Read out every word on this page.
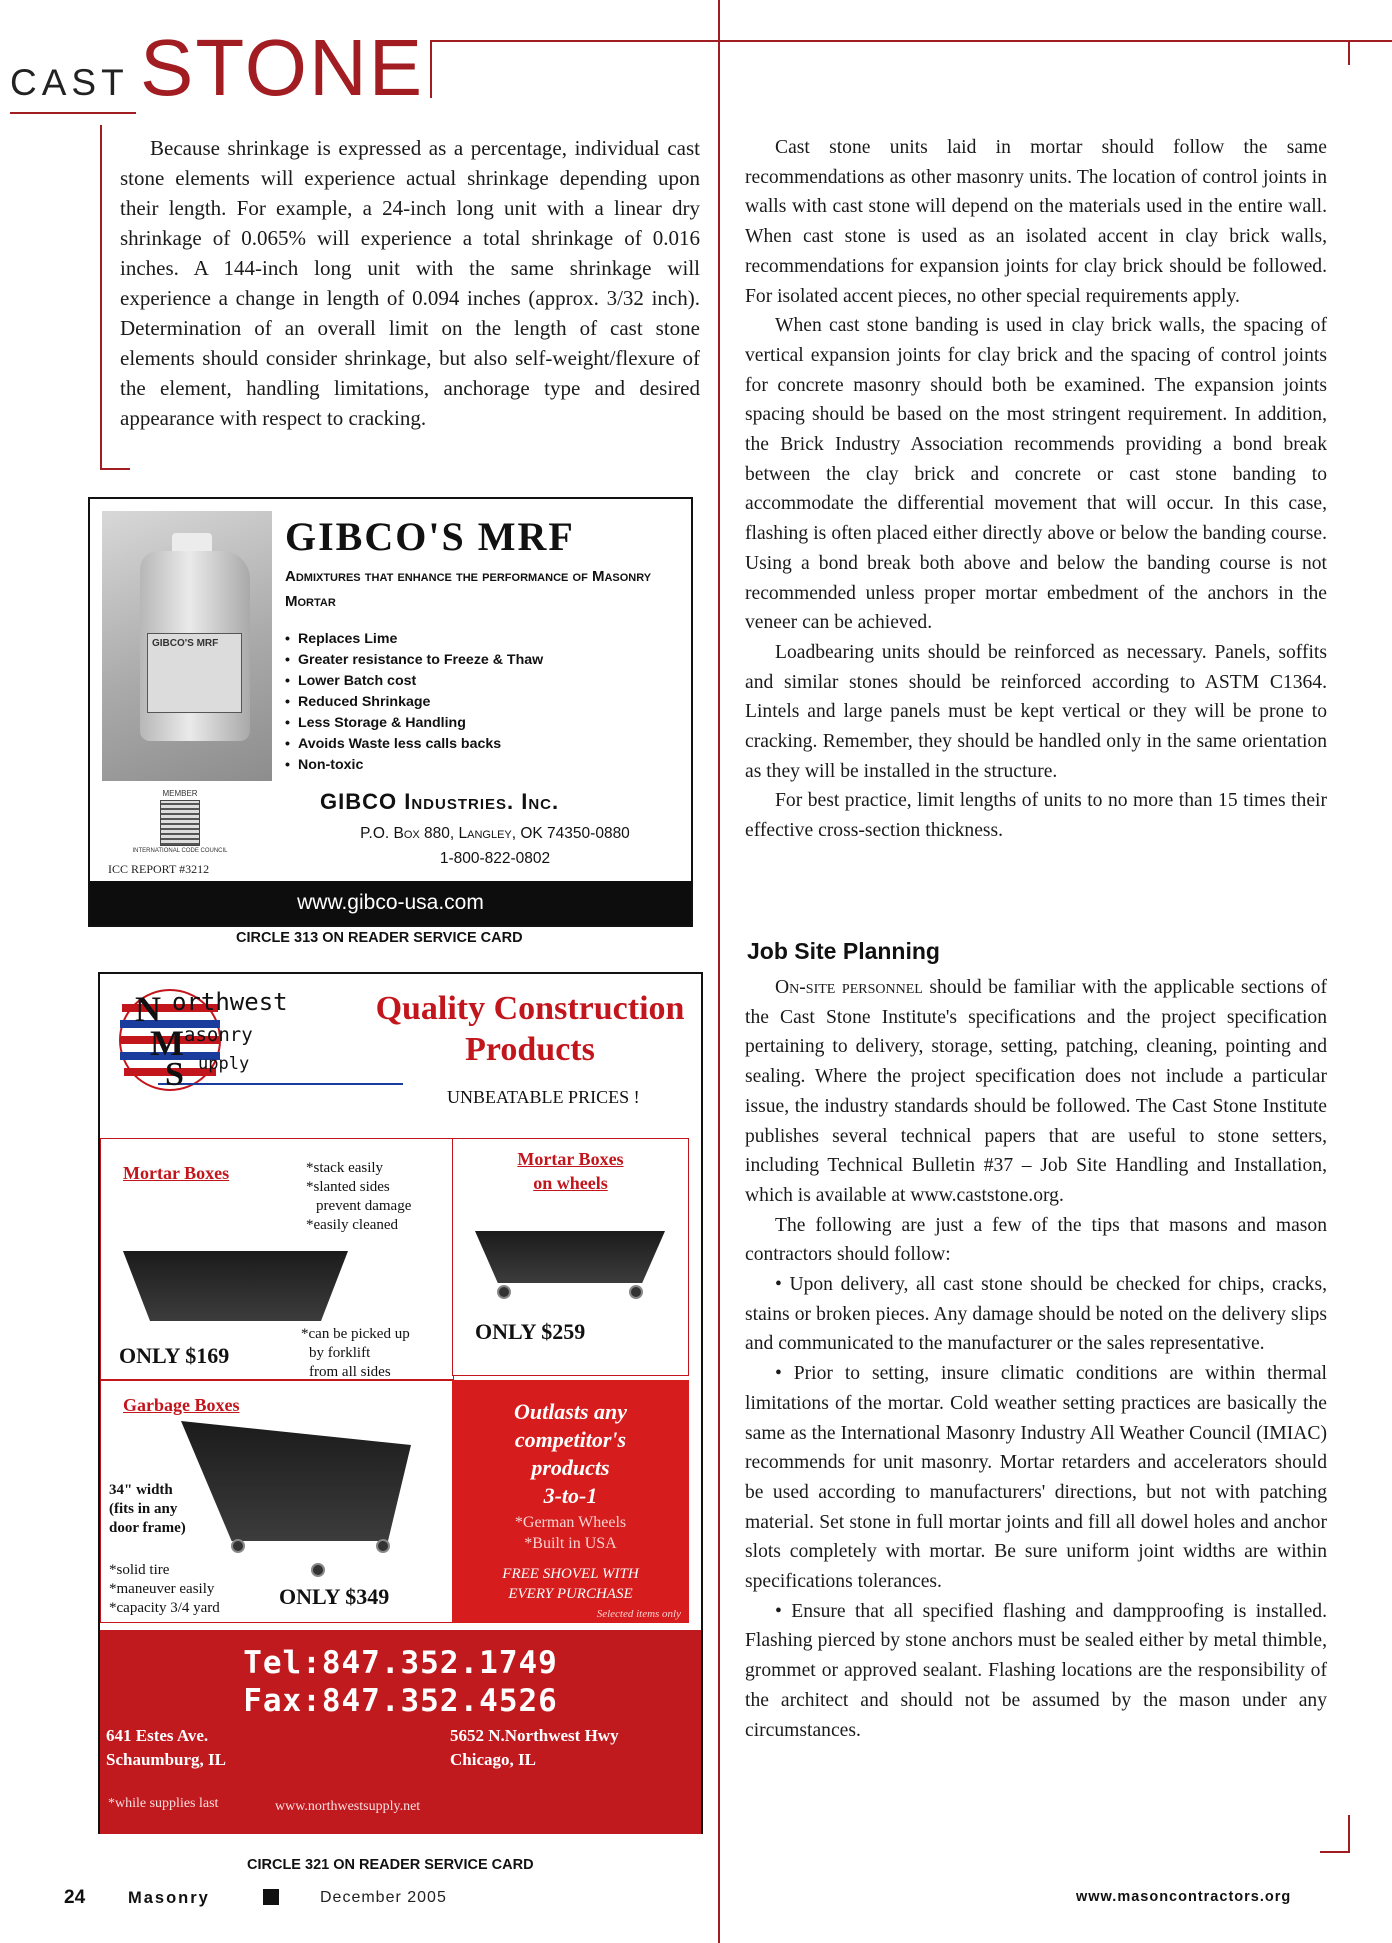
CAST STONE

Because shrinkage is expressed as a percentage, individual cast stone elements will experience actual shrinkage depending upon their length. For example, a 24-inch long unit with a linear dry shrinkage of 0.065% will experience a total shrinkage of 0.016 inches. A 144-inch long unit with the same shrinkage will experience a change in length of 0.094 inches (approx. 3/32 inch). Determination of an overall limit on the length of cast stone elements should consider shrinkage, but also self-weight/flexure of the element, handling limitations, anchorage type and desired appearance with respect to cracking.

GIBCO'S MRF
GIBCO'S MRF
Admixtures that enhance the performance of Masonry Mortar
• Replaces Lime
• Greater resistance to Freeze & Thaw
• Lower Batch cost
• Reduced Shrinkage
• Less Storage & Handling
• Avoids Waste less calls backs
• Non-toxic
MEMBER
INTERNATIONAL CODE COUNCIL
ICC REPORT #3212
GIBCO Industries. Inc.
P.O. Box 880, Langley, OK 74350-0880
1-800-822-0802
www.gibco-usa.com
CIRCLE 313 ON READER SERVICE CARD
N
M
S
orthwest
asonry
upply
Quality Construction
Products
UNBEATABLE PRICES !
Mortar Boxes	*stack easily
*slanted sides
prevent damage
*easily cleaned
*can be picked up
by forklift
from all sides
ONLY $169
Mortar Boxes
on wheels
ONLY $259
Garbage Boxes
34" width
(fits in any
door frame)
*solid tire
*maneuver easily
*capacity 3/4 yard	ONLY $349
Outlasts any
competitor's
products
3-to-1
*German Wheels
*Built in USA
FREE SHOVEL WITH
EVERY PURCHASE
Selected items only
Tel:847.352.1749
Fax:847.352.4526
641 Estes Ave.
Schaumburg, IL
5652 N.Northwest Hwy
Chicago, IL
*while supplies last	www.northwestsupply.net
CIRCLE 321 ON READER SERVICE CARD

Cast stone units laid in mortar should follow the same recommendations as other masonry units. The location of control joints in walls with cast stone will depend on the materials used in the entire wall. When cast stone is used as an isolated accent in clay brick walls, recommendations for expansion joints for clay brick should be followed. For isolated accent pieces, no other special requirements apply.

When cast stone banding is used in clay brick walls, the spacing of vertical expansion joints for clay brick and the spacing of control joints for concrete masonry should both be examined. The expansion joints spacing should be based on the most stringent requirement. In addition, the Brick Industry Association recommends providing a bond break between the clay brick and concrete or cast stone banding to accommodate the differential movement that will occur. In this case, flashing is often placed either directly above or below the banding course. Using a bond break both above and below the banding course is not recommended unless proper mortar embedment of the anchors in the veneer can be achieved.

Loadbearing units should be reinforced as necessary. Panels, soffits and similar stones should be reinforced according to ASTM C1364. Lintels and large panels must be kept vertical or they will be prone to cracking. Remember, they should be handled only in the same orientation as they will be installed in the structure.

For best practice, limit lengths of units to no more than 15 times their effective cross-section thickness.

Job Site Planning

On-site personnel should be familiar with the applicable sections of the Cast Stone Institute's specifications and the project specification pertaining to delivery, storage, setting, patching, cleaning, pointing and sealing. Where the project specification does not include a particular issue, the industry standards should be followed. The Cast Stone Institute publishes several technical papers that are useful to stone setters, including Technical Bulletin #37 – Job Site Handling and Installation, which is available at www.caststone.org.

The following are just a few of the tips that masons and mason contractors should follow:

• Upon delivery, all cast stone should be checked for chips, cracks, stains or broken pieces. Any damage should be noted on the delivery slips and communicated to the manufacturer or the sales representative.

• Prior to setting, insure climatic conditions are within thermal limitations of the mortar. Cold weather setting practices are basically the same as the International Masonry Industry All Weather Council (IMIAC) recommends for unit masonry. Mortar retarders and accelerators should be used according to manufacturers' directions, but not with patching material. Set stone in full mortar joints and fill all dowel holes and anchor slots completely with mortar. Be sure uniform joint widths are within specifications tolerances.

• Ensure that all specified flashing and dampproofing is installed. Flashing pierced by stone anchors must be sealed either by metal thimble, grommet or approved sealant. Flashing locations are the responsibility of the architect and should not be assumed by the mason under any circumstances.

24	Masonry	December 2005	www.masoncontractors.org
